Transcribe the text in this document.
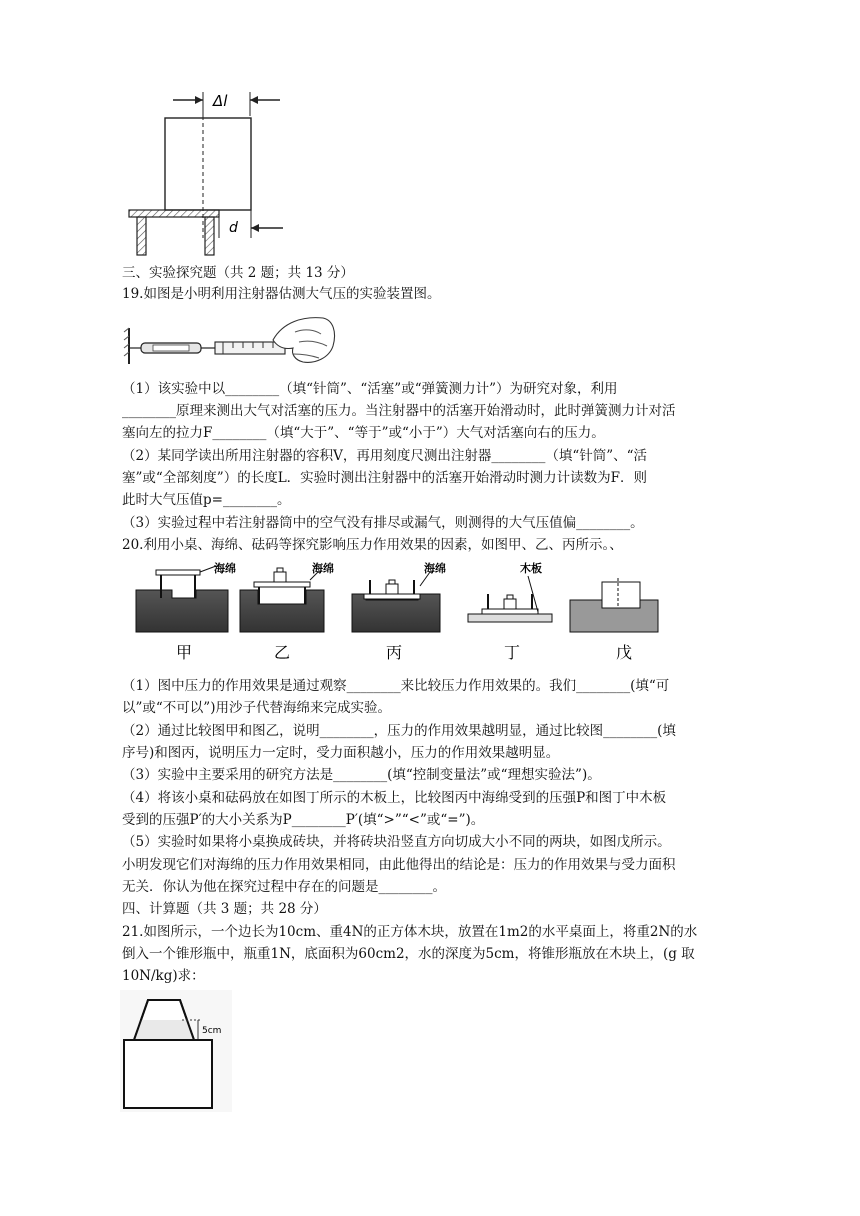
Δl
d
三、实验探究题（共 2 题；共 13 分）
19.如图是小明利用注射器估测大气压的实验装置图。
（1）该实验中以________（填“针筒”、“活塞”或“弹簧测力计”）为研究对象，利用
________原理来测出大气对活塞的压力。当注射器中的活塞开始滑动时，此时弹簧测力计对活
塞向左的拉力F________（填“大于”、“等于”或“小于”）大气对活塞向右的压力。
（2）某同学读出所用注射器的容积V，再用刻度尺测出注射器________（填“针筒”、“活
塞”或“全部刻度”）的长度L．实验时测出注射器中的活塞开始滑动时测力计读数为F．则
此时大气压值p=________。
（3）实验过程中若注射器筒中的空气没有排尽或漏气，则测得的大气压值偏________。
20.利用小桌、海绵、砝码等探究影响压力作用效果的因素，如图甲、乙、丙所示。、
海绵
甲
海绵
乙
海绵
丙
木板
丁	戊
（1）图中压力的作用效果是通过观察________来比较压力作用效果的。我们________(填“可
以”或“不可以”)用沙子代替海绵来完成实验。
（2）通过比较图甲和图乙，说明________，压力的作用效果越明显，通过比较图________(填
序号)和图丙，说明压力一定时，受力面积越小，压力的作用效果越明显。
（3）实验中主要采用的研究方法是________(填“控制变量法”或“理想实验法”)。
（4）将该小桌和砝码放在如图丁所示的木板上，比较图丙中海绵受到的压强P和图丁中木板
受到的压强P′的大小关系为P________P′(填“>”“<”或“=”)。
（5）实验时如果将小桌换成砖块，并将砖块沿竖直方向切成大小不同的两块，如图戊所示。
小明发现它们对海绵的压力作用效果相同，由此他得出的结论是：压力的作用效果与受力面积
无关．你认为他在探究过程中存在的问题是________。
四、计算题（共 3 题；共 28 分）
21.如图所示，一个边长为10cm、重4N的正方体木块，放置在1m2的水平桌面上，将重2N的水
倒入一个锥形瓶中，瓶重1N，底面积为60cm2，水的深度为5cm，将锥形瓶放在木块上，(g 取
10N/kg)求：
5cm
